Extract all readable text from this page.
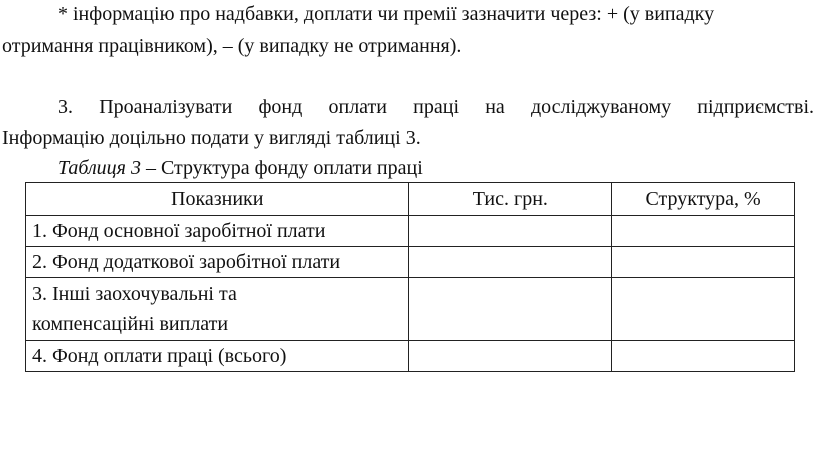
* інформацію про надбавки, доплати чи премії зазначити через: + (у випадку
отримання працівником), – (у випадку не отримання).
3. Проаналізувати фонд оплати праці на досліджуваному підприємстві.
Інформацію доцільно подати у вигляді таблиці 3.
Таблиця 3 – Структура фонду оплати праці
Показники	Тис. грн.	Структура, %
1. Фонд основної заробітної плати		
2. Фонд додаткової заробітної плати		

3. Інші заохочувальні та
компенсаційні виплати		

4. Фонд оплати праці (всього)		
